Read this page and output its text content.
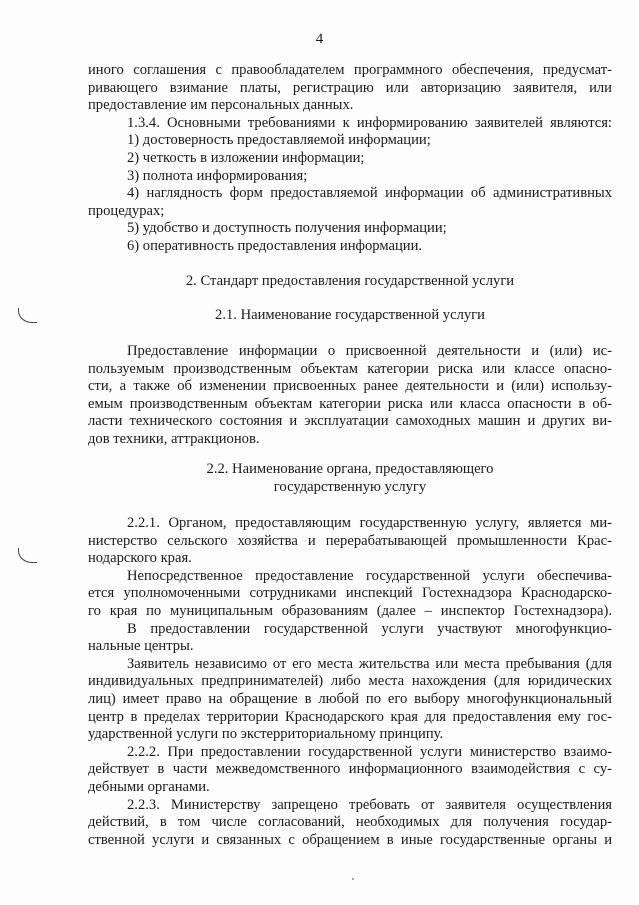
4
иного соглашения с правообладателем программного обеспечения, предусмат-
ривающего взимание платы, регистрацию или авторизацию заявителя, или
предоставление им персональных данных.
1.3.4. Основными требованиями к информированию заявителей являются:
1) достоверность предоставляемой информации;
2) четкость в изложении информации;
3) полнота информирования;
4) наглядность форм предоставляемой информации об административных
процедурах;
5) удобство и доступность получения информации;
6) оперативность предоставления информации.
2. Стандарт предоставления государственной услуги
2.1. Наименование государственной услуги
Предоставление информации о присвоенной деятельности и (или) ис-
пользуемым производственным объектам категории риска или классе опасно-
сти, а также об изменении присвоенных ранее деятельности и (или) использу-
емым производственным объектам категории риска или класса опасности в об-
ласти технического состояния и эксплуатации самоходных машин и других ви-
дов техники, аттракционов.
2.2. Наименование органа, предоставляющего
государственную услугу
2.2.1. Органом, предоставляющим государственную услугу, является ми-
нистерство сельского хозяйства и перерабатывающей промышленности Крас-
нодарского края.
Непосредственное предоставление государственной услуги обеспечива-
ется уполномоченными сотрудниками инспекций Гостехнадзора Краснодарско-
го края по муниципальным образованиям (далее – инспектор Гостехнадзора).
В предоставлении государственной услуги участвуют многофункцио-
нальные центры.
Заявитель независимо от его места жительства или места пребывания (для
индивидуальных предпринимателей) либо места нахождения (для юридических
лиц) имеет право на обращение в любой по его выбору многофункциональный
центр в пределах территории Краснодарского края для предоставления ему гос-
ударственной услуги по экстерриториальному принципу.
2.2.2. При предоставлении государственной услуги министерство взаимо-
действует в части межведомственного информационного взаимодействия с су-
дебными органами.
2.2.3. Министерству запрещено требовать от заявителя осуществления
действий, в том числе согласований, необходимых для получения государ-
ственной услуги и связанных с обращением в иные государственные органы и
